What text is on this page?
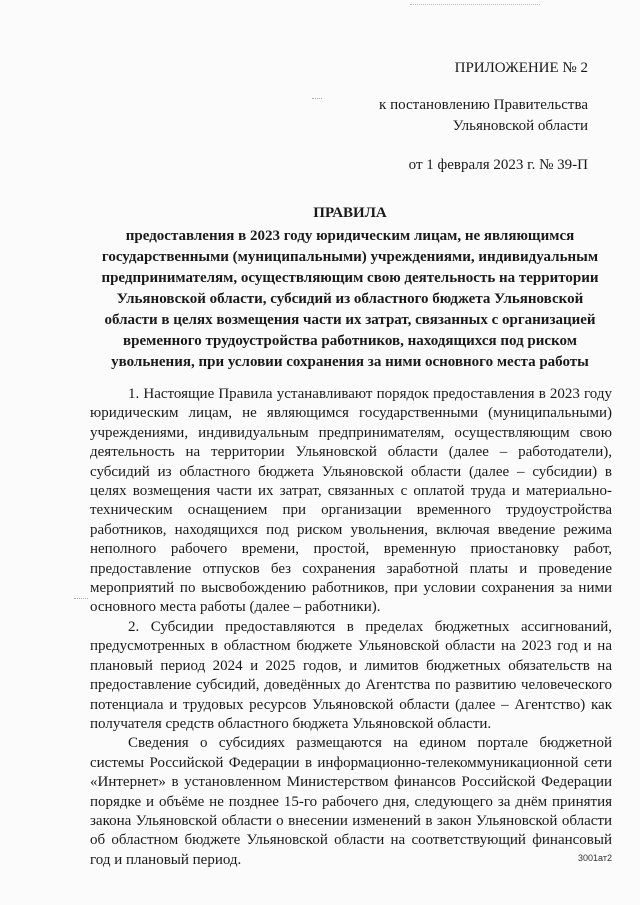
ПРИЛОЖЕНИЕ № 2
к постановлению Правительства
Ульяновской области
от 1 февраля 2023 г. № 39-П
ПРАВИЛА
предоставления в 2023 году юридическим лицам, не являющимся государственными (муниципальными) учреждениями, индивидуальным предпринимателям, осуществляющим свою деятельность на территории Ульяновской области, субсидий из областного бюджета Ульяновской области в целях возмещения части их затрат, связанных с организацией временного трудоустройства работников, находящихся под риском увольнения, при условии сохранения за ними основного места работы

1. Настоящие Правила устанавливают порядок предоставления в 2023 году юридическим лицам, не являющимся государственными (муниципальными) учреждениями, индивидуальным предпринимателям, осуществляющим свою деятельность на территории Ульяновской области (далее – работодатели), субсидий из областного бюджета Ульяновской области (далее – субсидии) в целях возмещения части их затрат, связанных с оплатой труда и материально-техническим оснащением при организации временного трудоустройства работников, находящихся под риском увольнения, включая введение режима неполного рабочего времени, простой, временную приостановку работ, предоставление отпусков без сохранения заработной платы и проведение мероприятий по высвобождению работников, при условии сохранения за ними основного места работы (далее – работники).

2. Субсидии предоставляются в пределах бюджетных ассигнований, предусмотренных в областном бюджете Ульяновской области на 2023 год и на плановый период 2024 и 2025 годов, и лимитов бюджетных обязательств на предоставление субсидий, доведённых до Агентства по развитию человеческого потенциала и трудовых ресурсов Ульяновской области (далее – Агентство) как получателя средств областного бюджета Ульяновской области.

Сведения о субсидиях размещаются на едином портале бюджетной системы Российской Федерации в информационно-телекоммуникационной сети «Интернет» в установленном Министерством финансов Российской Федерации порядке и объёме не позднее 15-го рабочего дня, следующего за днём принятия закона Ульяновской области о внесении изменений в закон Ульяновской области об областном бюджете Ульяновской области на соответствующий финансовый год и плановый период.	3001ат2
